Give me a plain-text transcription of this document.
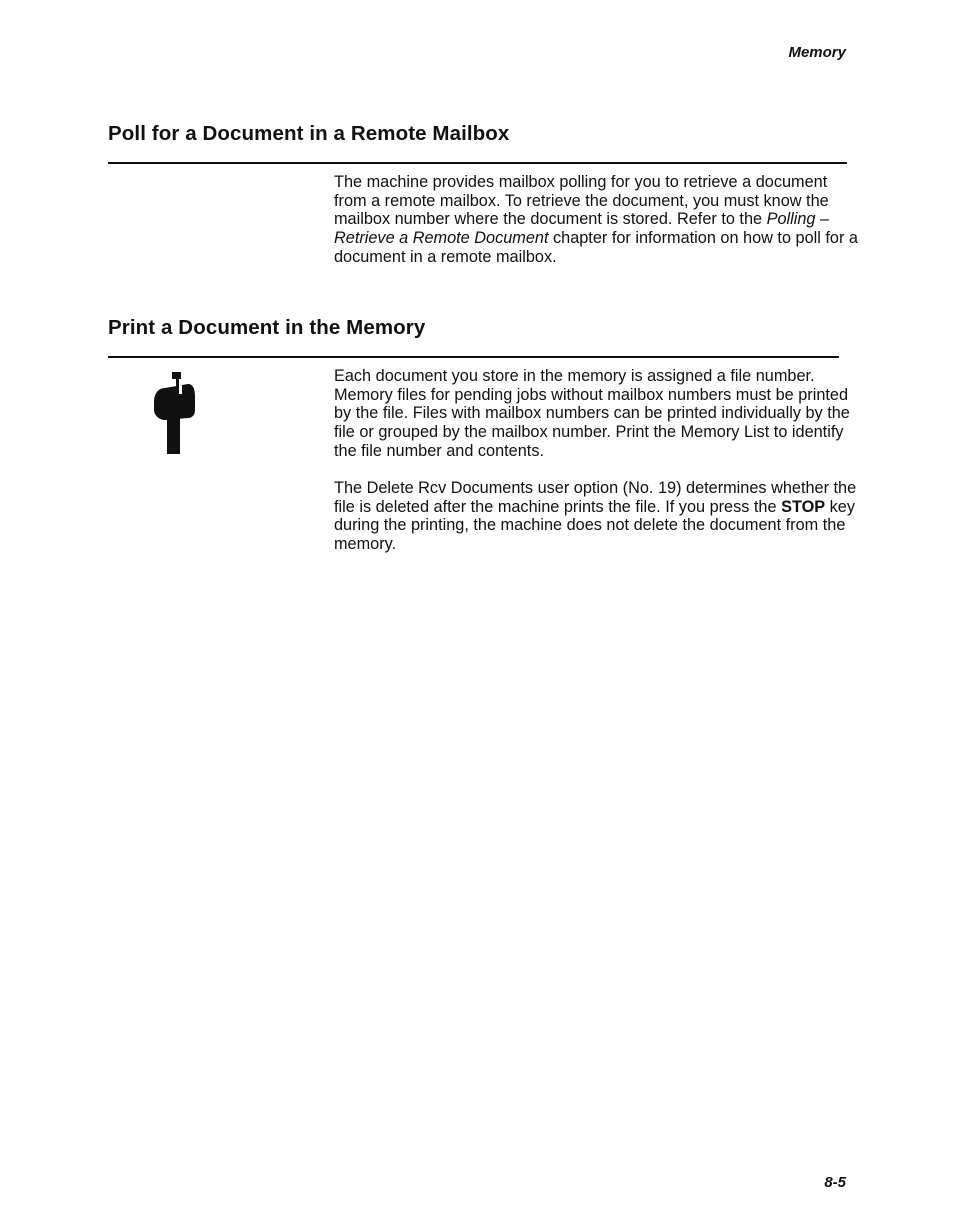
Memory
Poll for a Document in a Remote Mailbox

The machine provides mailbox polling for you to retrieve a document from a remote mailbox. To retrieve the document, you must know the mailbox number where the document is stored. Refer to the Polling – Retrieve a Remote Document chapter for information on how to poll for a document in a remote mailbox.

Print a Document in the Memory

Each document you store in the memory is assigned a file number. Memory files for pending jobs without mailbox numbers must be printed by the file. Files with mailbox numbers can be printed individually by the file or grouped by the mailbox number. Print the Memory List to identify the file number and contents.

The Delete Rcv Documents user option (No. 19) determines whether the file is deleted after the machine prints the file. If you press the STOP key during the printing, the machine does not delete the document from the memory.

8-5
